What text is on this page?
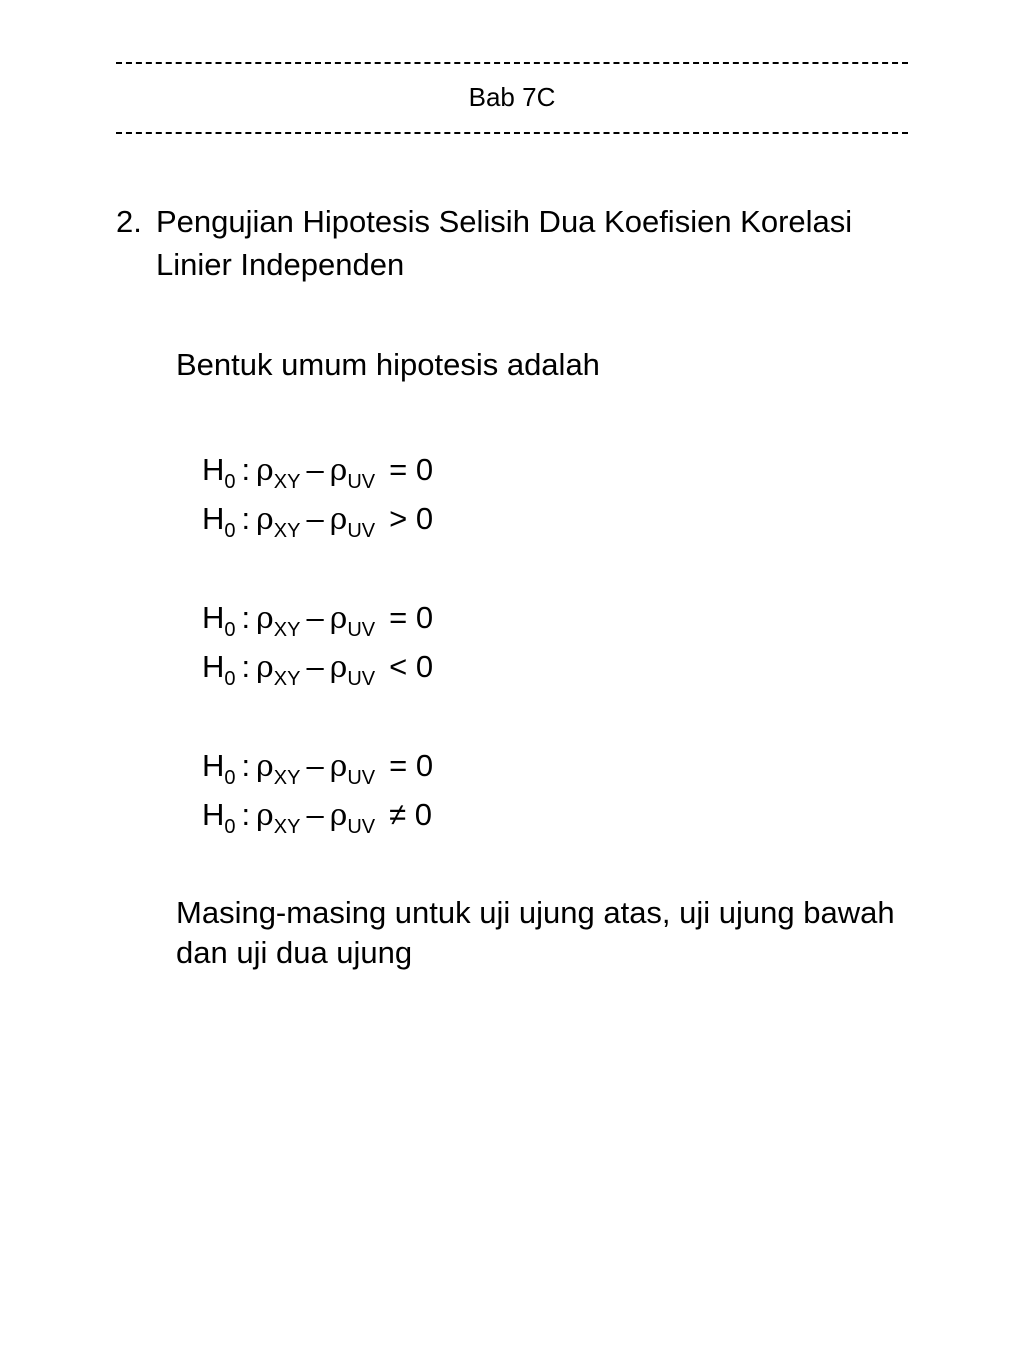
Bab 7C
2. Pengujian Hipotesis Selisih Dua Koefisien Korelasi Linier Independen
Bentuk umum hipotesis adalah
H0 : ρXY – ρUV = 0
H0 : ρXY – ρUV > 0
H0 : ρXY – ρUV = 0
H0 : ρXY – ρUV < 0
H0 : ρXY – ρUV = 0
H0 : ρXY – ρUV ≠ 0
Masing-masing untuk uji ujung atas, uji ujung bawah dan uji dua ujung
